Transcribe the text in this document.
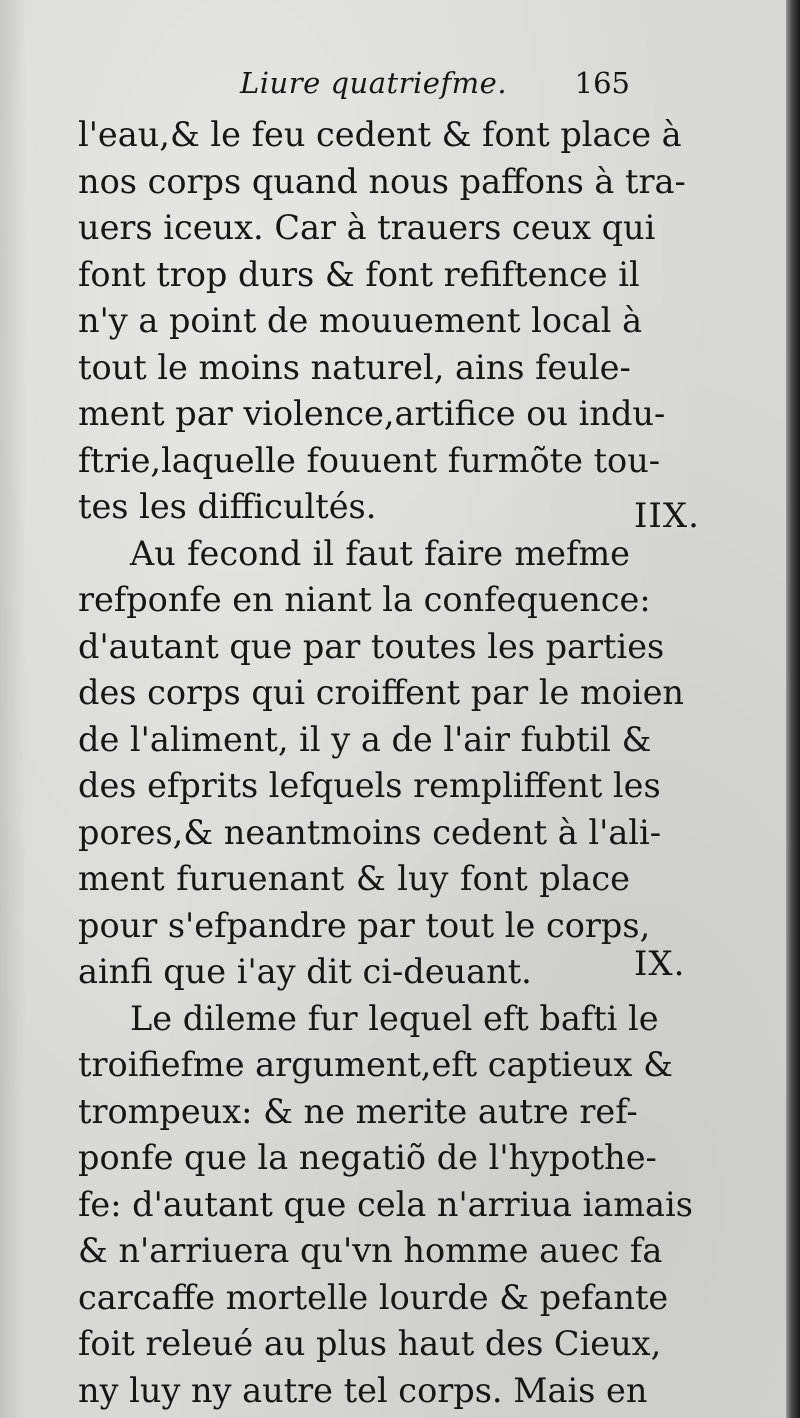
Liure quatriefme. 165
l'eau,& le feu cedent & font place à
nos corps quand nous paffons à tra-
uers iceux. Car à trauers ceux qui
font trop durs & font refiftence il
n'y a point de mouuement local à
tout le moins naturel, ains feule-
ment par violence,artifice ou indu-
ftrie,laquelle fouuent furmõte tou-
tes les difficultés.
Au fecond il faut faire mefme
refponfe en niant la confequence:
d'autant que par toutes les parties
des corps qui croiffent par le moien
de l'aliment, il y a de l'air fubtil &
des efprits lefquels rempliffent les
pores,& neantmoins cedent à l'ali-
ment furuenant & luy font place
pour s'efpandre par tout le corps,
ainfi que i'ay dit ci-deuant.
Le dileme fur lequel eft bafti le
troifiefme argument,eft captieux &
trompeux: & ne merite autre ref-
ponfe que la negatiõ de l'hypothe-
fe: d'autant que cela n'arriua iamais
& n'arriuera qu'vn homme auec fa
carcaffe mortelle lourde & pefante
foit releué au plus haut des Cieux,
ny luy ny autre tel corps. Mais en
IIX.
IX.
